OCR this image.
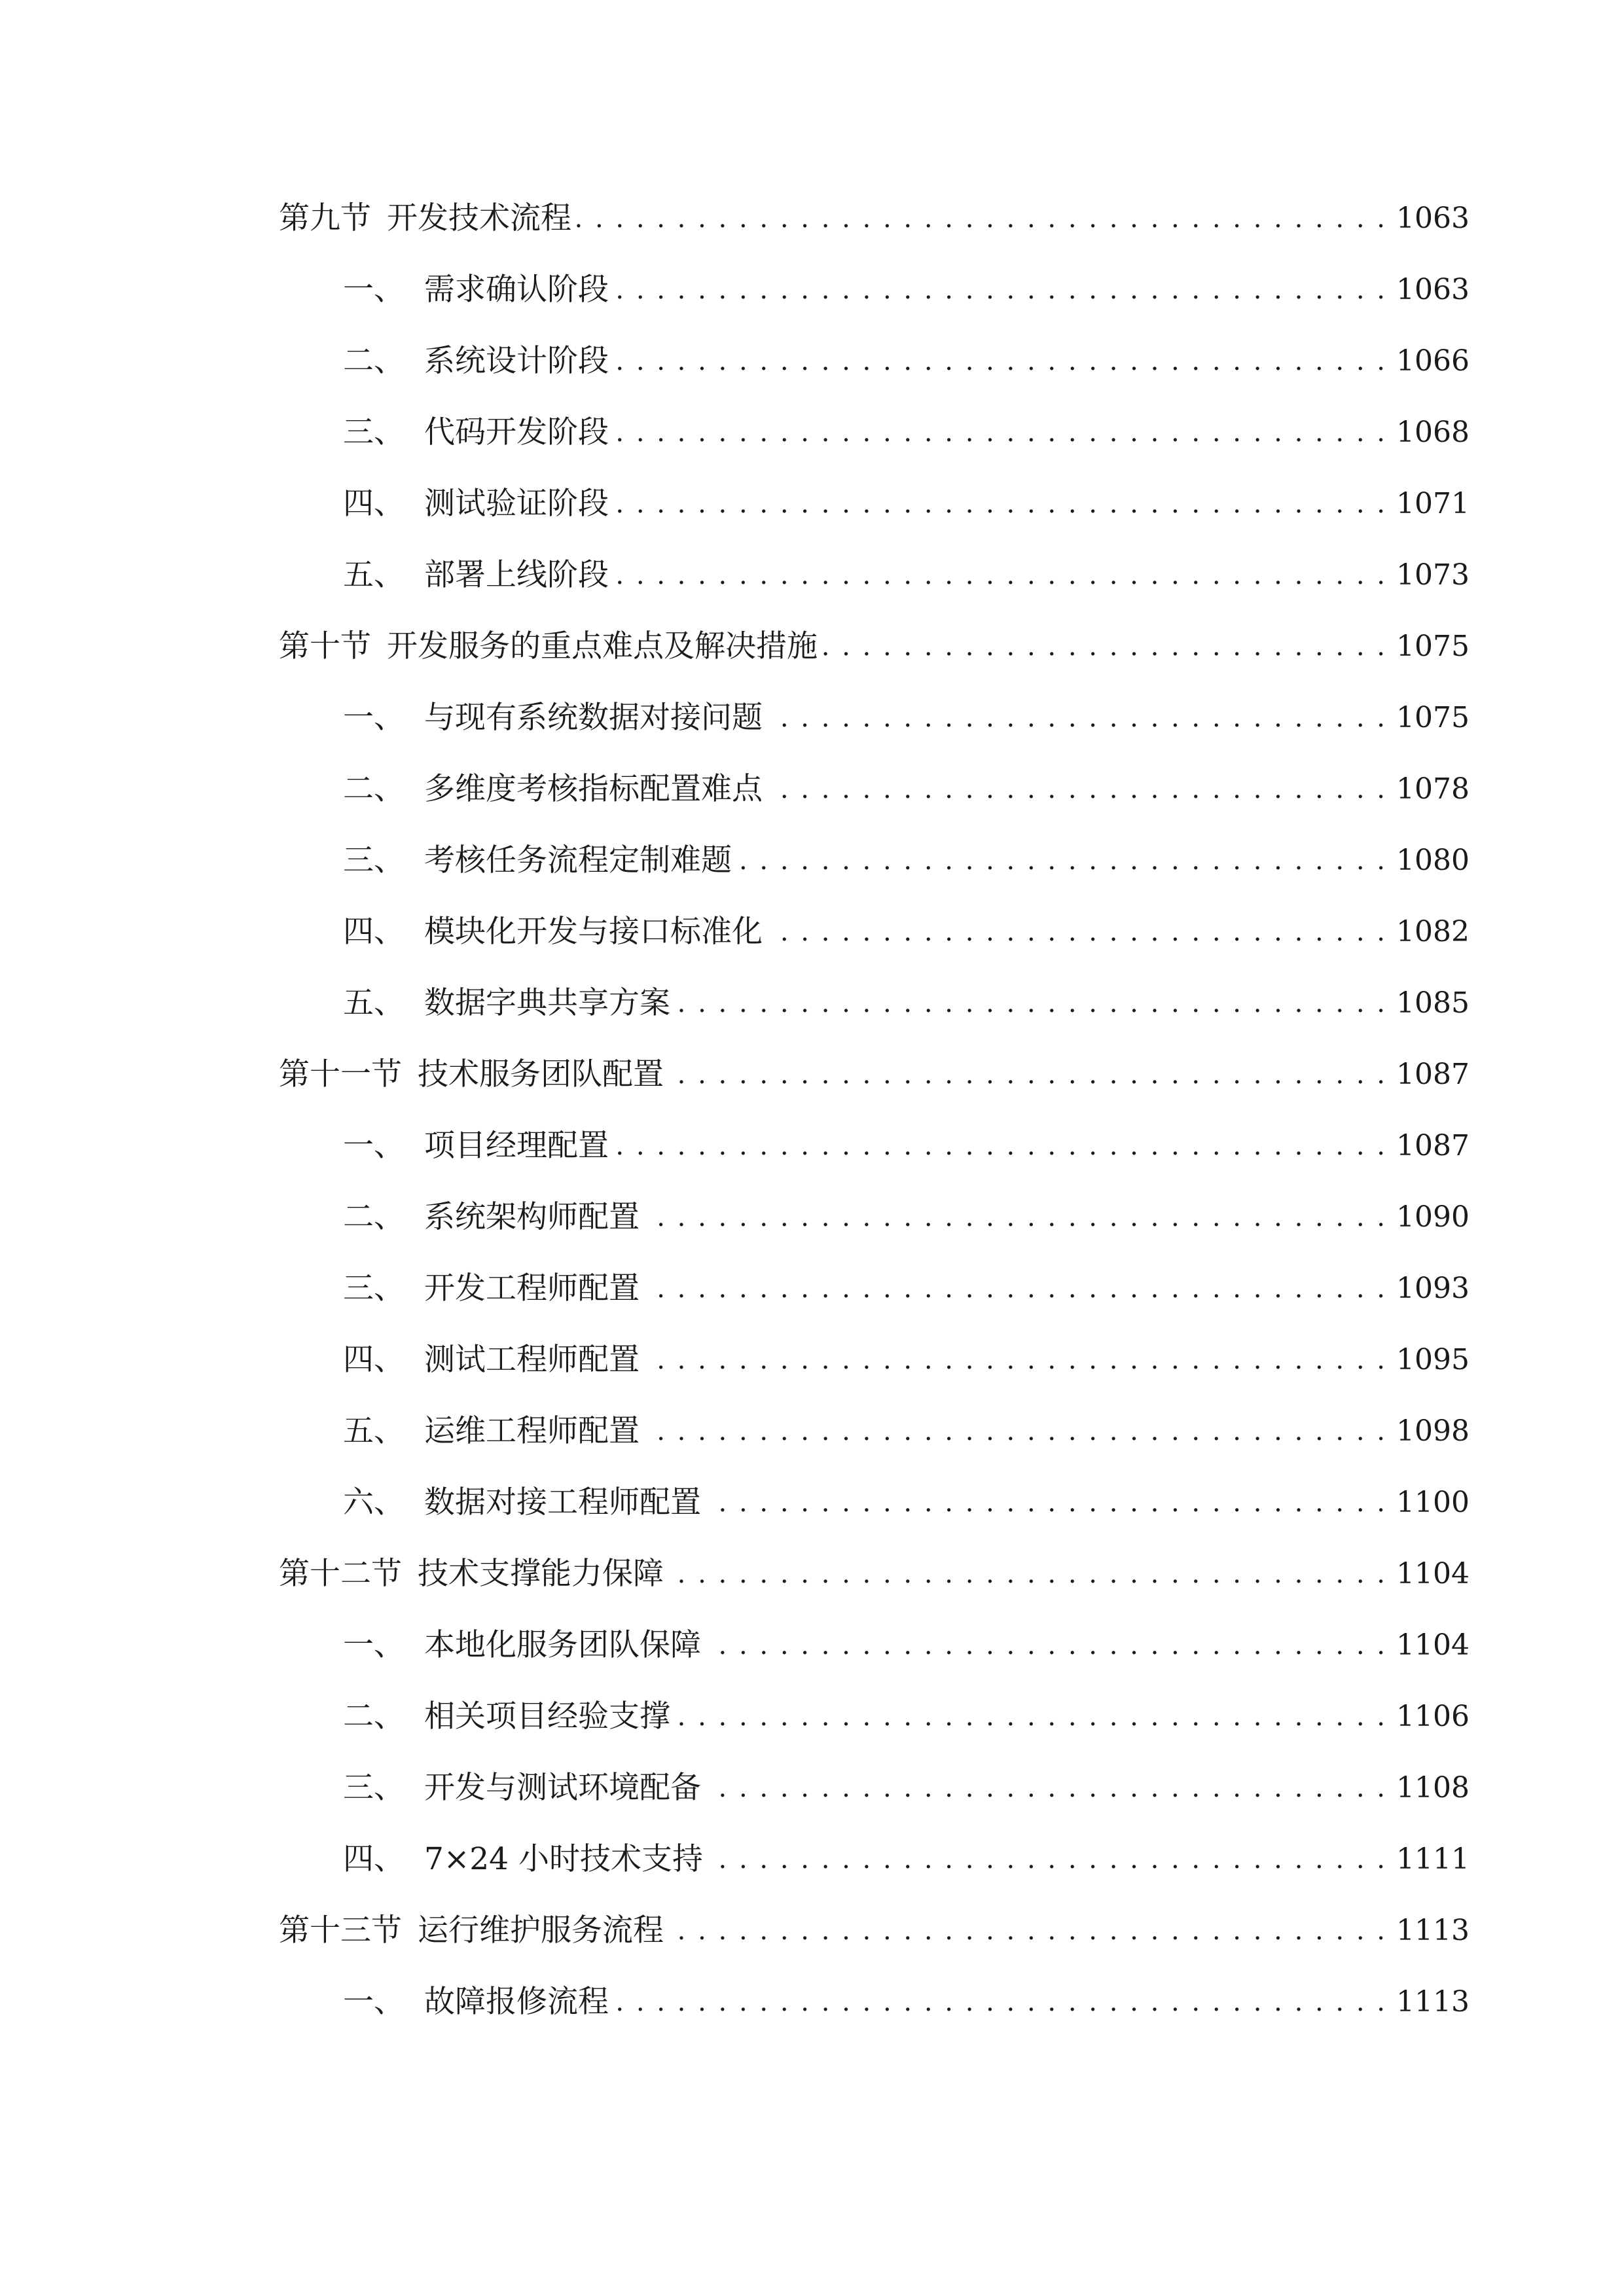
第九节 开发技术流程 . . .	1063
一、 需求确认阶段 . . .	1063
二、 系统设计阶段 . . .	1066
三、 代码开发阶段 . . .	1068
四、 测试验证阶段 . . .	1071
五、 部署上线阶段 . . .	1073
第十节 开发服务的重点难点及解决措施 . . .	1075
一、 与现有系统数据对接问题 . . .	1075
二、 多维度考核指标配置难点 . . .	1078
三、 考核任务流程定制难题 . . .	1080
四、 模块化开发与接口标准化 . . .	1082
五、 数据字典共享方案 . . .	1085
第十一节 技术服务团队配置 . . .	1087
一、 项目经理配置 . . .	1087
二、 系统架构师配置 . . .	1090
三、 开发工程师配置 . . .	1093
四、 测试工程师配置 . . .	1095
五、 运维工程师配置 . . .	1098
六、 数据对接工程师配置 . . .	1100
第十二节 技术支撑能力保障 . . .	1104
一、 本地化服务团队保障 . . .	1104
二、 相关项目经验支撑 . . .	1106
三、 开发与测试环境配备 . . .	1108
四、 7×24 小时技术支持 . . .	1111
第十三节 运行维护服务流程 . . .	1113
一、 故障报修流程 . . .	1113
